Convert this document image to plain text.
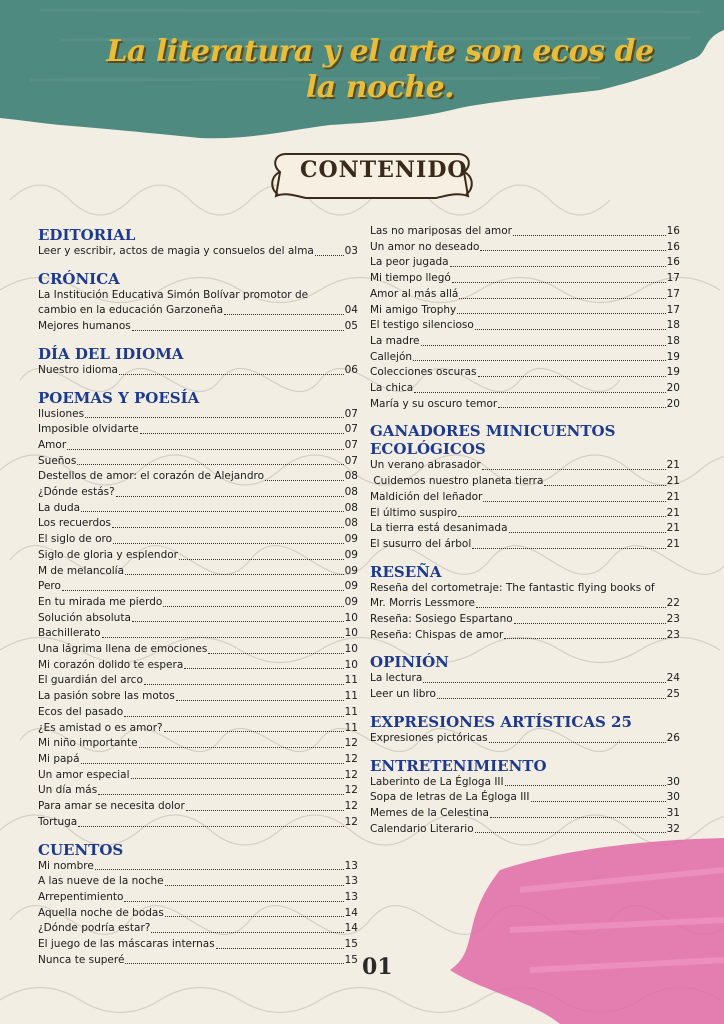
La literatura y el arte son ecos de
la noche.
CONTENIDO
EDITORIAL
Leer y escribir, actos de magia y consuelos del alma	03
CRÓNICA
La Institución Educativa Simón Bolívar promotor de
cambio en la educación Garzoneña	04
Mejores humanos	05
DÍA DEL IDIOMA
Nuestro idioma	06
POEMAS Y POESÍA
Ilusiones	07
Imposible olvidarte	07
Amor	07
Sueños	07
Destellos de amor: el corazón de Alejandro	08
¿Dónde estás?	08
La duda	08
Los recuerdos	08
El siglo de oro	09
Siglo de gloria y esplendor	09
M de melancolía	09
Pero	09
En tu mirada me pierdo	09
Solución absoluta	10
Bachillerato	10
Una lágrima llena de emociones	10
Mi corazón dolido te espera	10
El guardián del arco	11
La pasión sobre las motos	11
Ecos del pasado	11
¿Es amistad o es amor?	11
Mi niño importante	12
Mi papá	12
Un amor especial	12
Un día más	12
Para amar se necesita dolor	12
Tortuga	12
CUENTOS
Mi nombre	13
A las nueve de la noche	13
Arrepentimiento	13
Aquella noche de bodas	14
¿Dónde podría estar?	14
El juego de las máscaras internas	15
Nunca te superé	15
Las no mariposas del amor	16
Un amor no deseado	16
La peor jugada	16
Mi tiempo llegó	17
Amor al más allá	17
Mi amigo Trophy	17
El testigo silencioso	18
La madre	18
Callejón	19
Colecciones oscuras	19
La chica	20
María y su oscuro temor	20
GANADORES MINICUENTOS ECOLÓGICOS
Un verano abrasador	21
Cuidemos nuestro planeta tierra	21
Maldición del leñador	21
El último suspiro	21
La tierra está desanimada	21
El susurro del árbol	21
RESEÑA
Reseña del cortometraje: The fantastic flying books of
Mr. Morris Lessmore	22
Reseña: Sosiego Espartano	23
Reseña: Chispas de amor	23
OPINIÓN
La lectura	24
Leer un libro	25
EXPRESIONES ARTÍSTICAS 25
Expresiones pictóricas	26
ENTRETENIMIENTO
Laberinto de La Égloga III	30
Sopa de letras de La Égloga III	30
Memes de la Celestina	31
Calendario Literario	32
01
